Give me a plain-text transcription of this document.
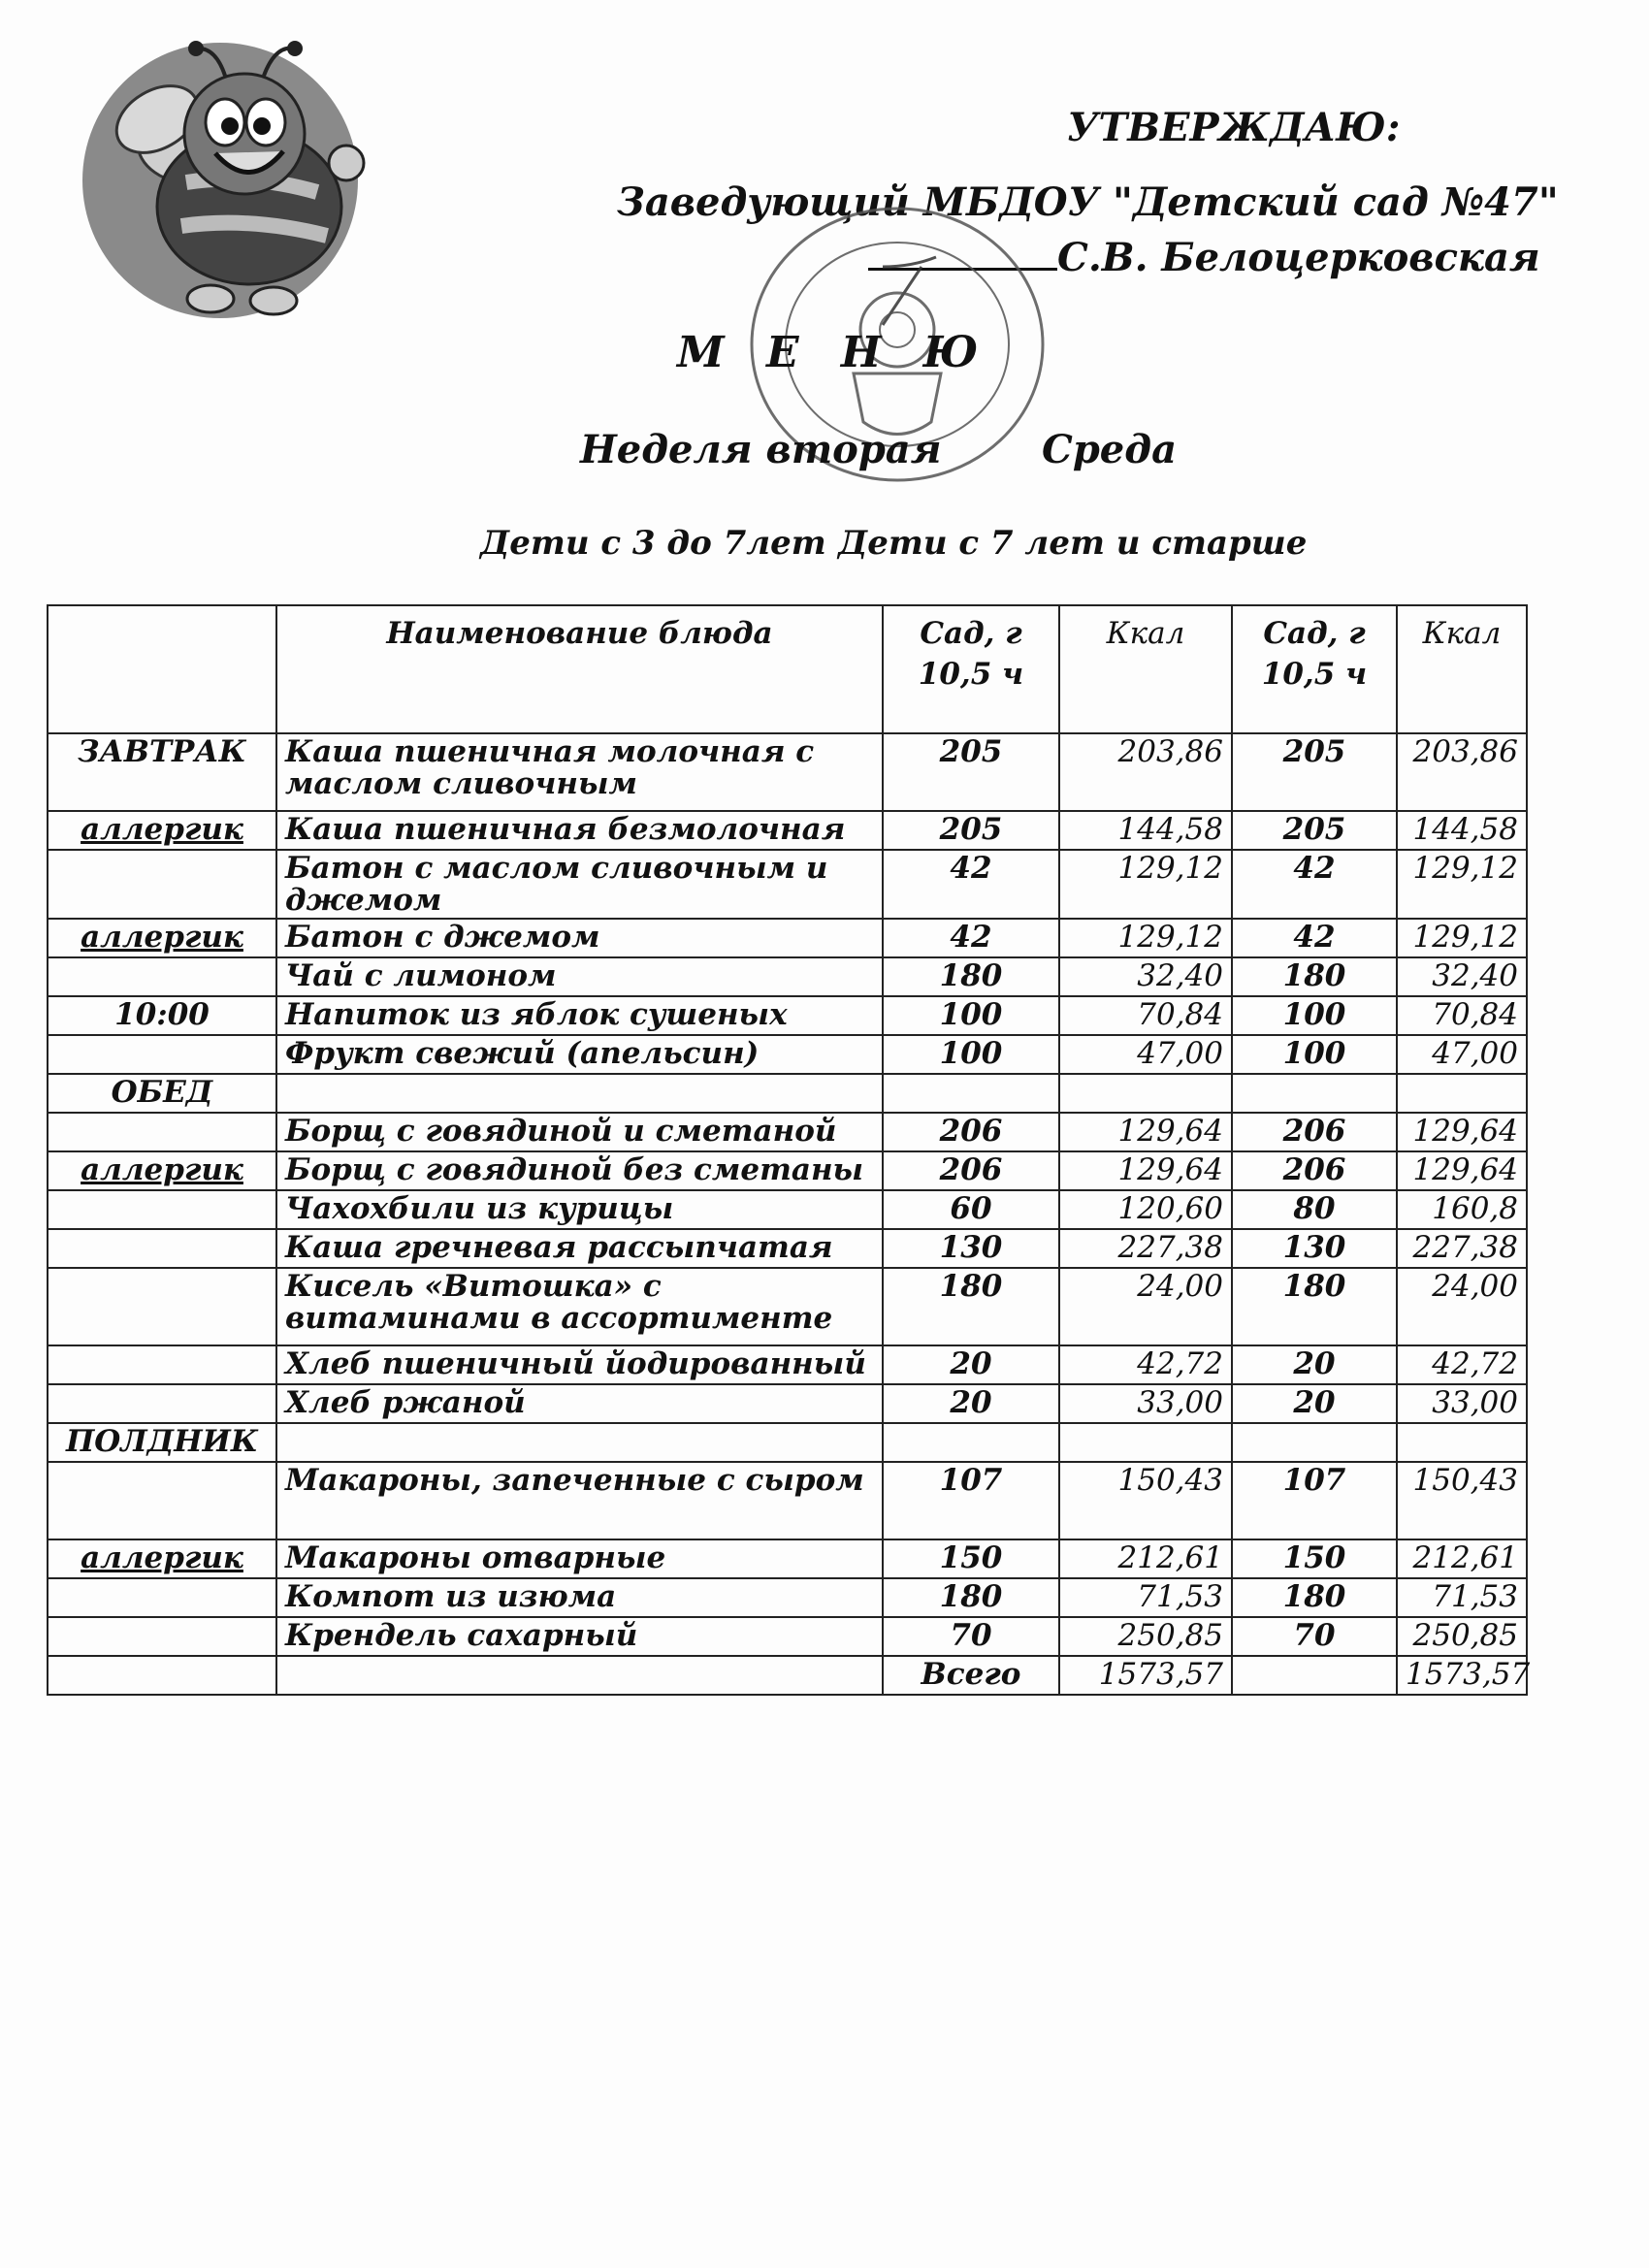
УТВЕРЖДАЮ:
Заведующий МБДОУ "Детский сад №47"
С.В. Белоцерковская
М Е Н Ю
Неделя вторая	Среда
Дети с 3 до 7лет Дети с 7 лет и старше
	Наименование блюда	Сад, г 10,5 ч	Ккал	Сад, г 10,5 ч	Ккал
ЗАВТРАК	Каша пшеничная молочная с маслом сливочным	205	203,86	205	203,86
аллергик	Каша пшеничная безмолочная	205	144,58	205	144,58
	Батон с маслом сливочным и джемом	42	129,12	42	129,12
аллергик	Батон с джемом	42	129,12	42	129,12
	Чай с лимоном	180	32,40	180	32,40
10:00	Напиток из яблок сушеных	100	70,84	100	70,84
	Фрукт свежий (апельсин)	100	47,00	100	47,00
ОБЕД					
	Борщ с говядиной и сметаной	206	129,64	206	129,64
аллергик	Борщ с говядиной без сметаны	206	129,64	206	129,64
	Чахохбили из курицы	60	120,60	80	160,8
	Каша гречневая рассыпчатая	130	227,38	130	227,38
	Кисель «Витошка» с витаминами в ассортименте	180	24,00	180	24,00
	Хлеб пшеничный йодированный	20	42,72	20	42,72
	Хлеб ржаной	20	33,00	20	33,00
ПОЛДНИК					
	Макароны, запеченные с сыром	107	150,43	107	150,43
аллергик	Макароны отварные	150	212,61	150	212,61
	Компот из изюма	180	71,53	180	71,53
	Крендель сахарный	70	250,85	70	250,85
		Всего	1573,57		1573,57
